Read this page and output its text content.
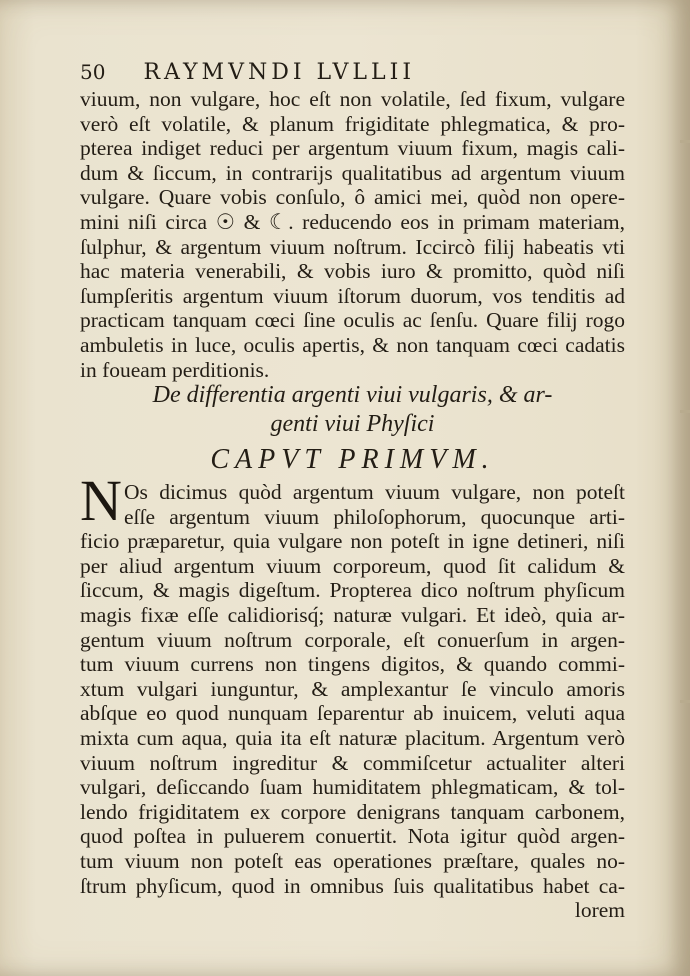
50 RAYMVNDI LVLLII
viuum, non vulgare, hoc eſt non volatile, ſed fixum, vulgare
verò eſt volatile, & planum frigiditate phlegmatica, & pro-
pterea indiget reduci per argentum viuum fixum, magis cali-
dum & ſiccum, in contrarijs qualitatibus ad argentum viuum
vulgare. Quare vobis conſulo, ô amici mei, quòd non opere-
mini niſi circa ☉ & ☾. reducendo eos in primam materiam,
ſulphur, & argentum viuum noſtrum. Iccircò filij habeatis vti
hac materia venerabili, & vobis iuro & promitto, quòd niſi
ſumpſeritis argentum viuum iſtorum duorum, vos tenditis ad
practicam tanquam cœci ſine oculis ac ſenſu. Quare filij rogo
ambuletis in luce, oculis apertis, & non tanquam cœci cadatis
in foueam perditionis.
De differentia argenti viui vulgaris, & ar-
genti viui Phyſici
CAPVT PRIMVM.
N Os dicimus quòd argentum viuum vulgare, non poteſt
eſſe argentum viuum philoſophorum, quocunque arti-
ficio præparetur, quia vulgare non poteſt in igne detineri, niſi
per aliud argentum viuum corporeum, quod ſit calidum &
ſiccum, & magis digeſtum. Propterea dico noſtrum phyſicum
magis fixæ eſſe calidiorisq́; naturæ vulgari. Et ideò, quia ar-
gentum viuum noſtrum corporale, eſt conuerſum in argen-
tum viuum currens non tingens digitos, & quando commi-
xtum vulgari iunguntur, & amplexantur ſe vinculo amoris
abſque eo quod nunquam ſeparentur ab inuicem, veluti aqua
mixta cum aqua, quia ita eſt naturæ placitum. Argentum verò
viuum noſtrum ingreditur & commiſcetur actualiter alteri
vulgari, deſiccando ſuam humiditatem phlegmaticam, & tol-
lendo frigiditatem ex corpore denigrans tanquam carbonem,
quod poſtea in puluerem conuertit. Nota igitur quòd argen-
tum viuum non poteſt eas operationes præſtare, quales no-
ſtrum phyſicum, quod in omnibus ſuis qualitatibus habet ca-
lorem
